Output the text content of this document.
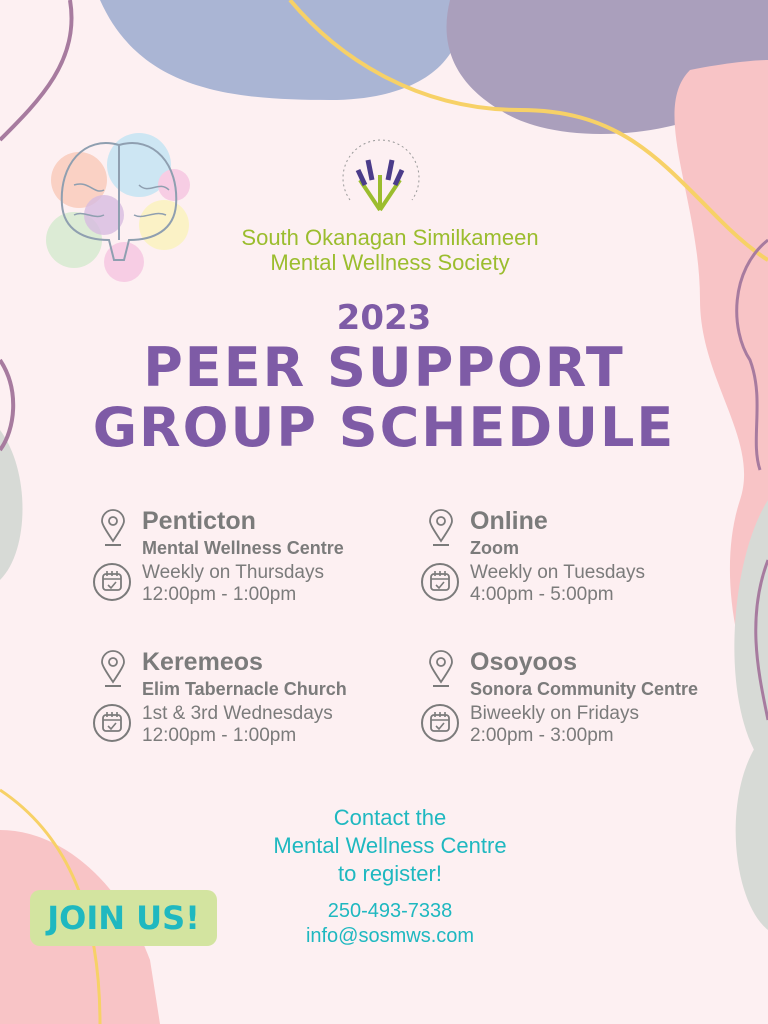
South Okanagan Similkameen
Mental Wellness Society
2023
PEER SUPPORT
GROUP SCHEDULE
Penticton
Mental Wellness Centre
Weekly on Thursdays
12:00pm - 1:00pm
Online
Zoom
Weekly on Tuesdays
4:00pm - 5:00pm
Keremeos
Elim Tabernacle Church
1st & 3rd Wednesdays
12:00pm - 1:00pm
Osoyoos
Sonora Community Centre
Biweekly on Fridays
2:00pm - 3:00pm
Contact the
Mental Wellness Centre
to register!
250-493-7338
info@sosmws.com
JOIN US!
